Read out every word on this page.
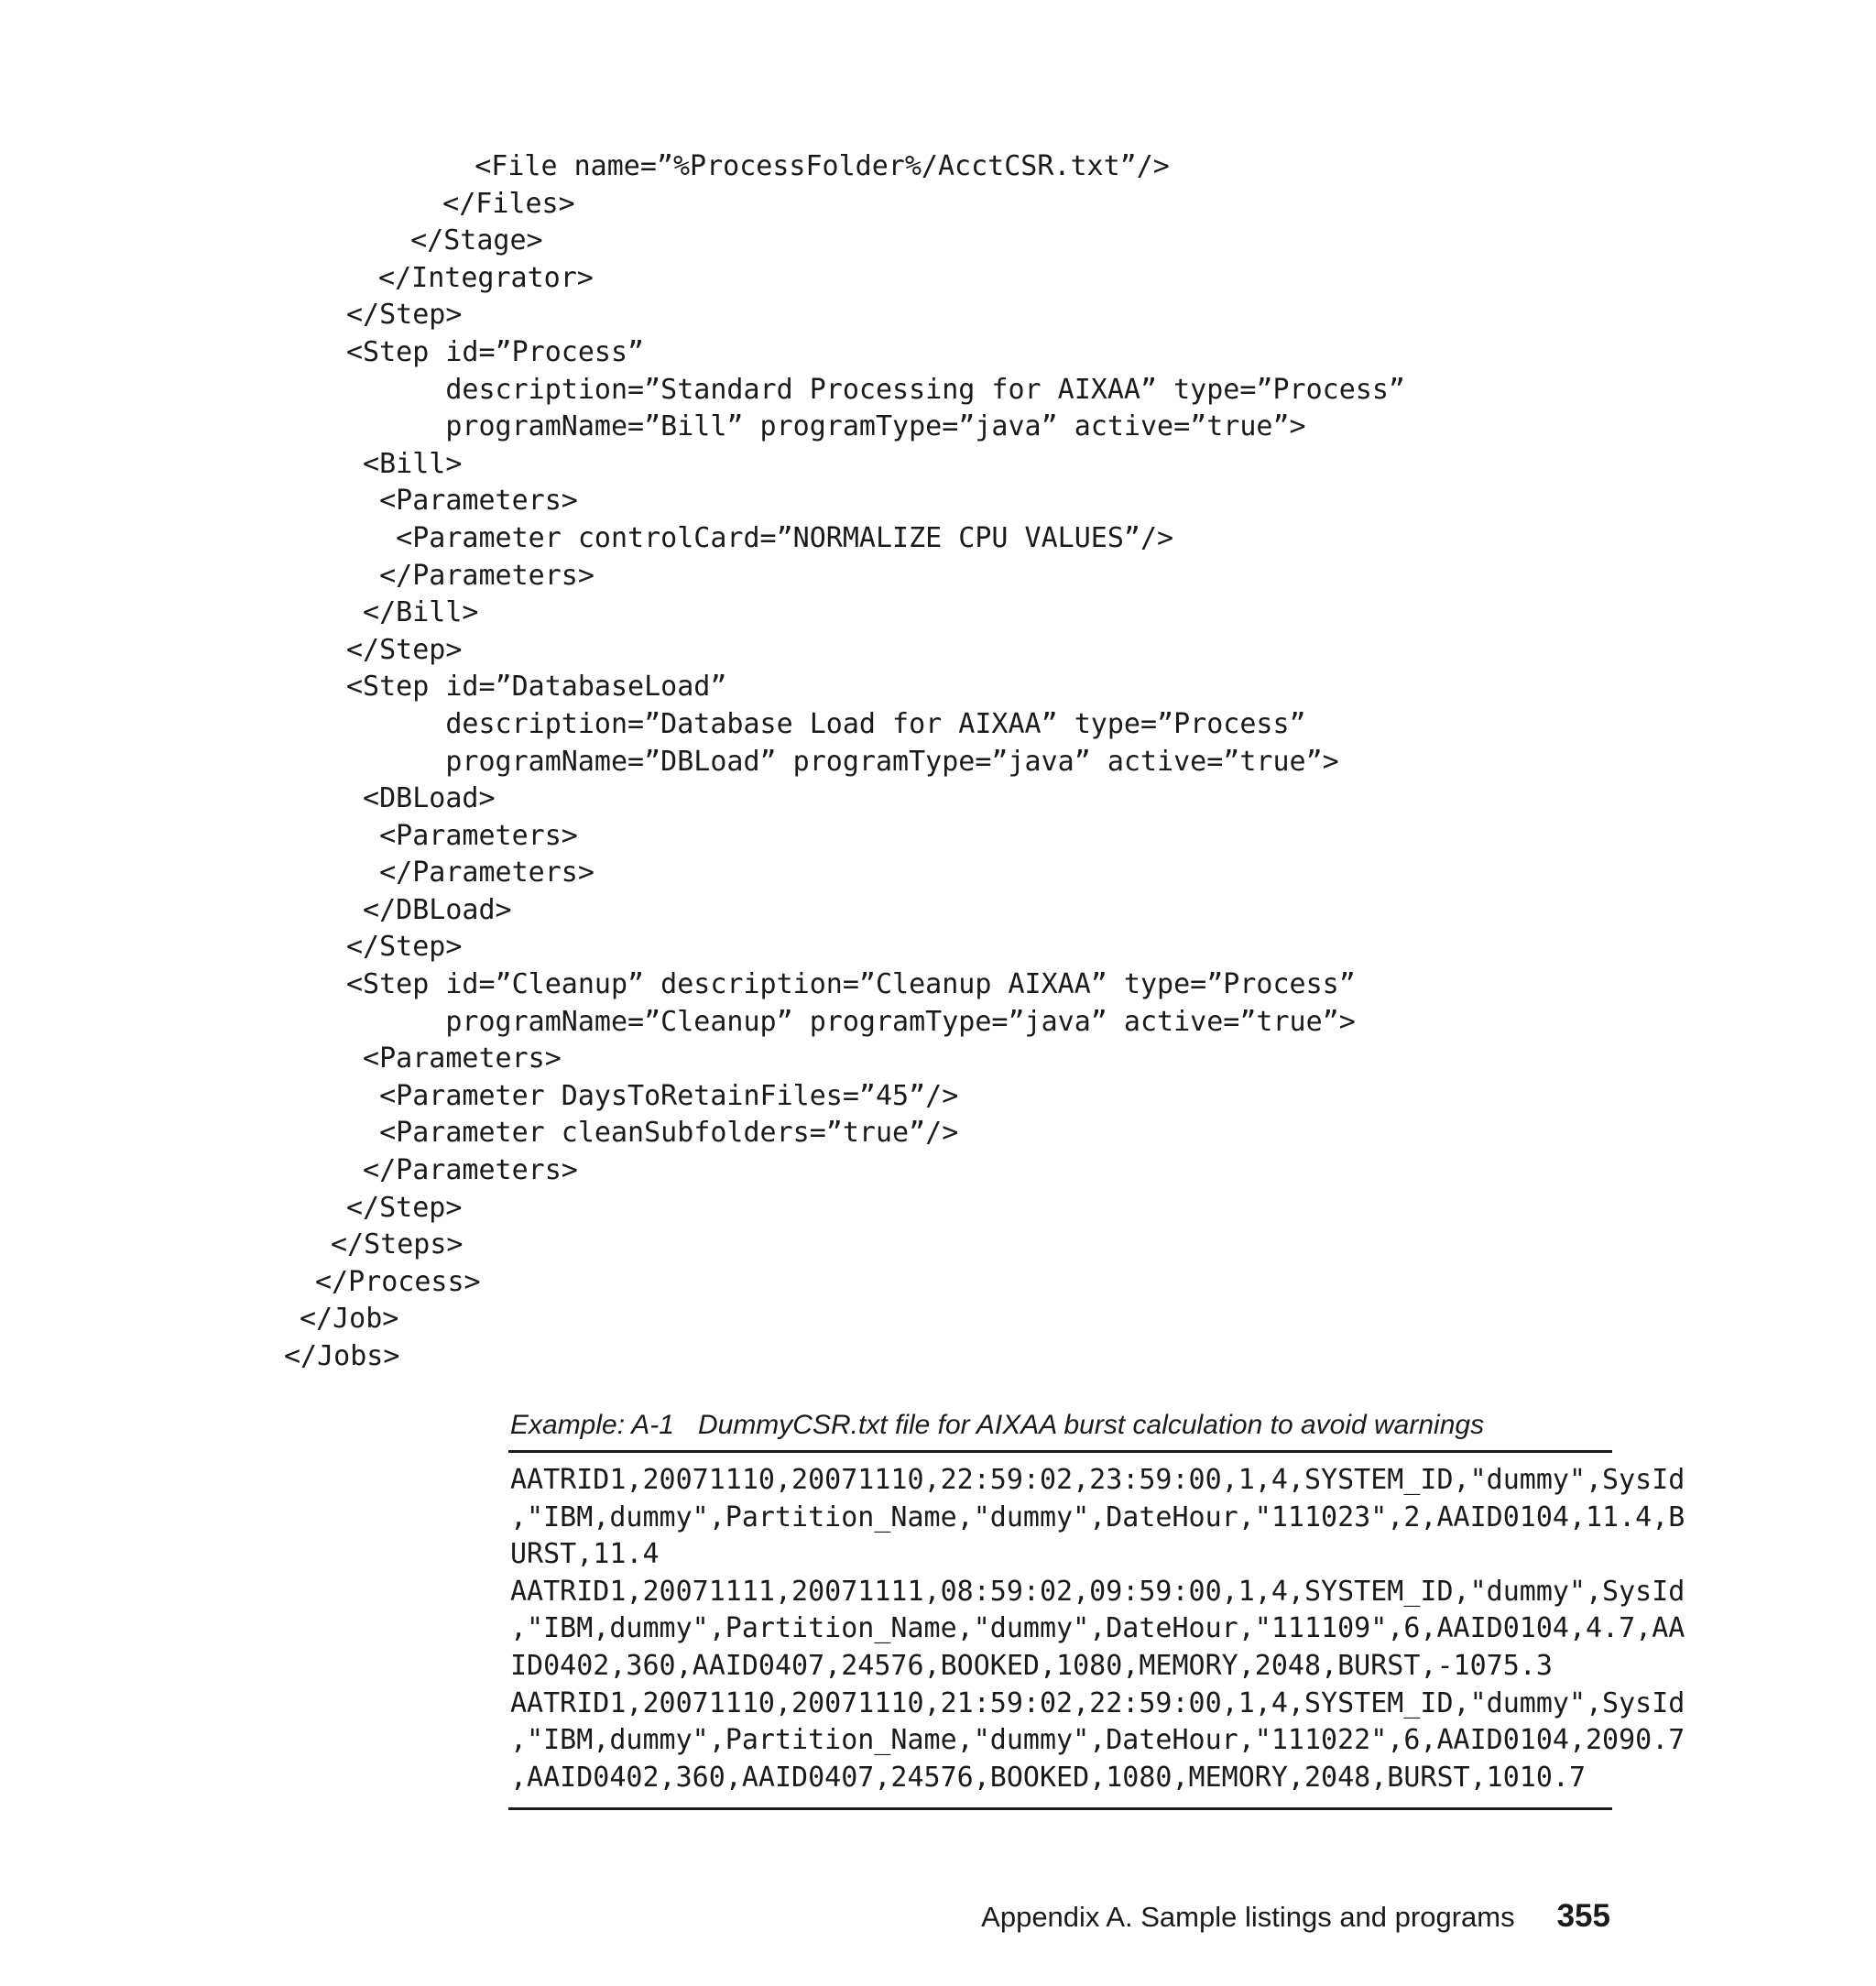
<File name=”%ProcessFolder%/AcctCSR.txt”/>
</Files>
</Stage>
</Integrator>
</Step>
<Step id=”Process”
description=”Standard Processing for AIXAA” type=”Process”
programName=”Bill” programType=”java” active=”true”>
<Bill>
<Parameters>
<Parameter controlCard=”NORMALIZE CPU VALUES”/>
</Parameters>
</Bill>
</Step>
<Step id=”DatabaseLoad”
description=”Database Load for AIXAA” type=”Process”
programName=”DBLoad” programType=”java” active=”true”>
<DBLoad>
<Parameters>
</Parameters>
</DBLoad>
</Step>
<Step id=”Cleanup” description=”Cleanup AIXAA” type=”Process”
programName=”Cleanup” programType=”java” active=”true”>
<Parameters>
<Parameter DaysToRetainFiles=”45”/>
<Parameter cleanSubfolders=”true”/>
</Parameters>
</Step>
</Steps>
</Process>
</Job>
</Jobs>
Example: A-1 DummyCSR.txt file for AIXAA burst calculation to avoid warnings
AATRID1,20071110,20071110,22:59:02,23:59:00,1,4,SYSTEM_ID,"dummy",SysId
,"IBM,dummy",Partition_Name,"dummy",DateHour,"111023",2,AAID0104,11.4,B
URST,11.4
AATRID1,20071111,20071111,08:59:02,09:59:00,1,4,SYSTEM_ID,"dummy",SysId
,"IBM,dummy",Partition_Name,"dummy",DateHour,"111109",6,AAID0104,4.7,AA
ID0402,360,AAID0407,24576,BOOKED,1080,MEMORY,2048,BURST,-1075.3
AATRID1,20071110,20071110,21:59:02,22:59:00,1,4,SYSTEM_ID,"dummy",SysId
,"IBM,dummy",Partition_Name,"dummy",DateHour,"111022",6,AAID0104,2090.7
,AAID0402,360,AAID0407,24576,BOOKED,1080,MEMORY,2048,BURST,1010.7
Appendix A. Sample listings and programs 355
